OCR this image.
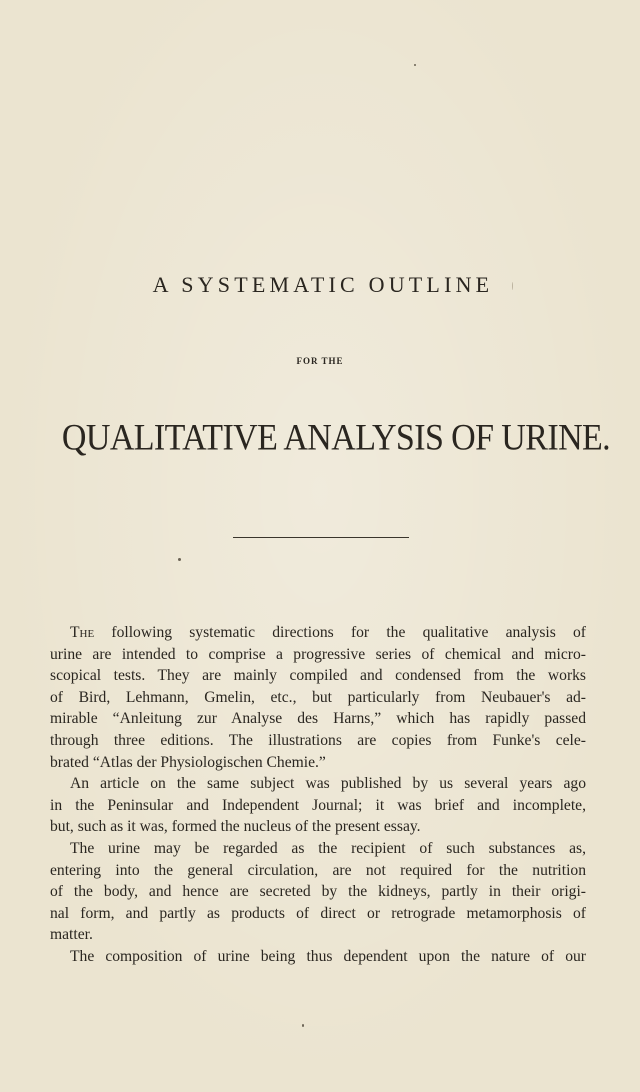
A SYSTEMATIC OUTLINE
FOR THE
QUALITATIVE ANALYSIS OF URINE.
The following systematic directions for the qualitative analysis of
urine are intended to comprise a progressive series of chemical and micro-
scopical tests. They are mainly compiled and condensed from the works
of Bird, Lehmann, Gmelin, etc., but particularly from Neubauer's ad-
mirable “Anleitung zur Analyse des Harns,” which has rapidly passed
through three editions. The illustrations are copies from Funke's cele-
brated “Atlas der Physiologischen Chemie.”
An article on the same subject was published by us several years ago
in the Peninsular and Independent Journal; it was brief and incomplete,
but, such as it was, formed the nucleus of the present essay.
The urine may be regarded as the recipient of such substances as,
entering into the general circulation, are not required for the nutrition
of the body, and hence are secreted by the kidneys, partly in their origi-
nal form, and partly as products of direct or retrograde metamorphosis of
matter.
The composition of urine being thus dependent upon the nature of our
